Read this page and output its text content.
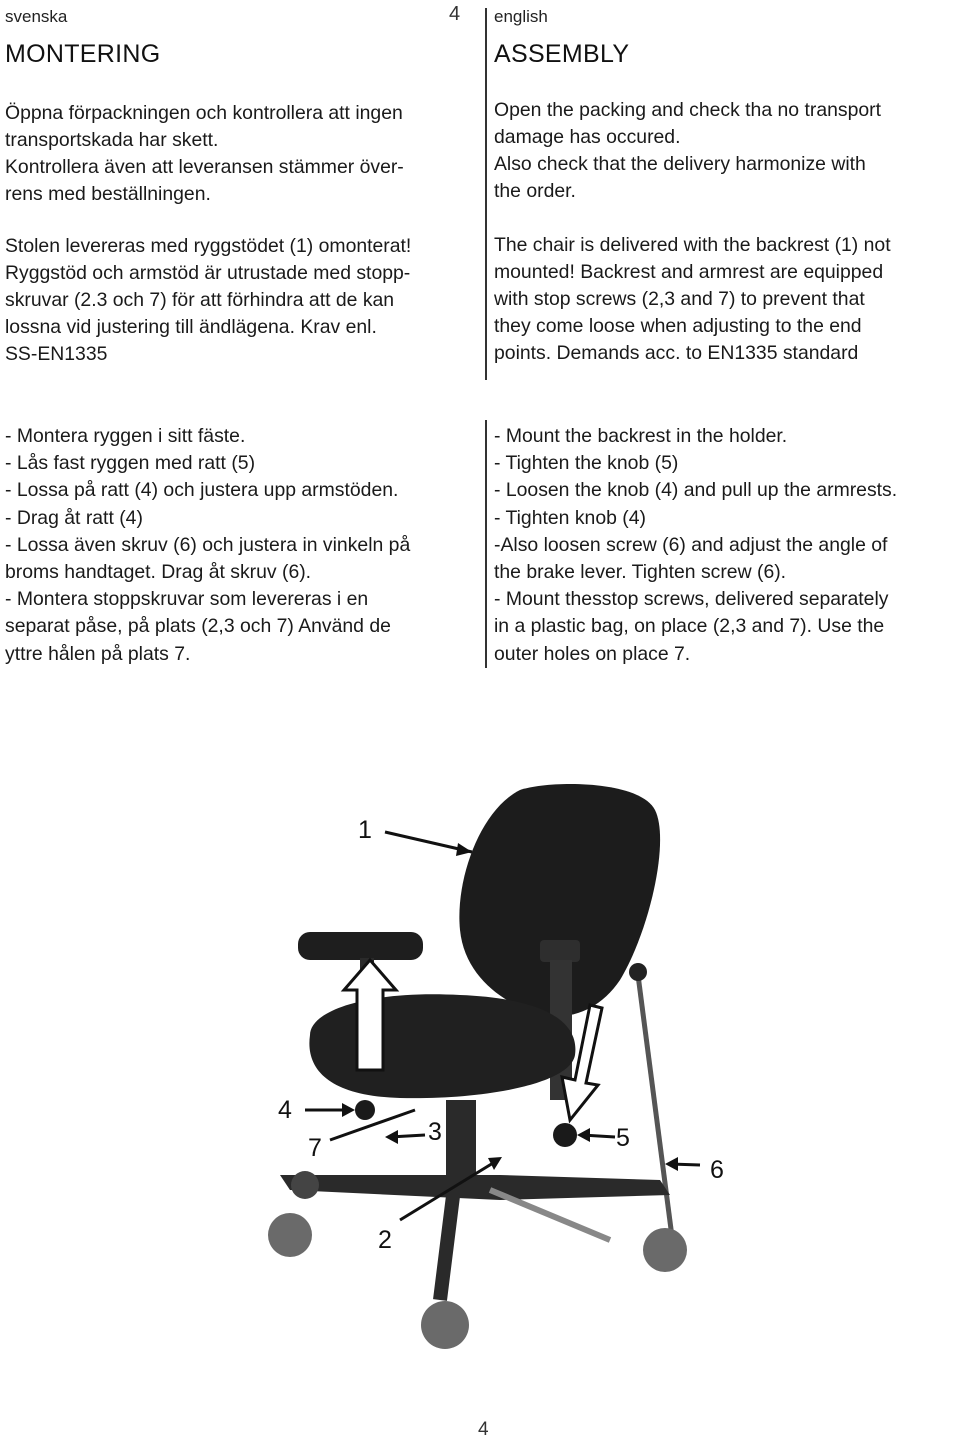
svenska	4 english
MONTERING	ASSEMBLY

Öppna förpackningen och kontrollera att ingen
transportskada har skett.
Kontrollera även att leveransen stämmer över-
rens med beställningen.

Stolen levereras med ryggstödet (1) omonterat!
Ryggstöd och armstöd är utrustade med stopp-
skruvar (2.3 och 7) för att förhindra att de kan
lossna vid justering till ändlägena. Krav enl.
SS-EN1335

Open the packing and check tha no transport
damage has occured.
Also check that the delivery harmonize with
the order.

The chair is delivered with the backrest (1) not
mounted! Backrest and armrest are equipped
with stop screws (2,3 and 7) to prevent that
they come loose when adjusting to the end
points. Demands acc. to EN1335 standard

- Montera ryggen i sitt fäste.
- Lås fast ryggen med ratt (5)
- Lossa på ratt (4) och justera upp armstöden.
- Drag åt ratt (4)
- Lossa även skruv (6) och justera in vinkeln på
broms handtaget. Drag åt skruv (6).
- Montera stoppskruvar som levereras i en
separat påse, på plats (2,3 och 7) Använd de
yttre hålen på plats 7.
- Mount the backrest in the holder.
- Tighten the knob (5)
- Loosen the knob (4) and pull up the armrests.
- Tighten knob (4)
-Also loosen screw (6) and adjust the angle of
the brake lever. Tighten screw (6).
- Mount thesstop screws, delivered separately
in a plastic bag, on place (2,3 and 7). Use the
outer holes on place 7.
1
4
7
3	5
6
2
4
